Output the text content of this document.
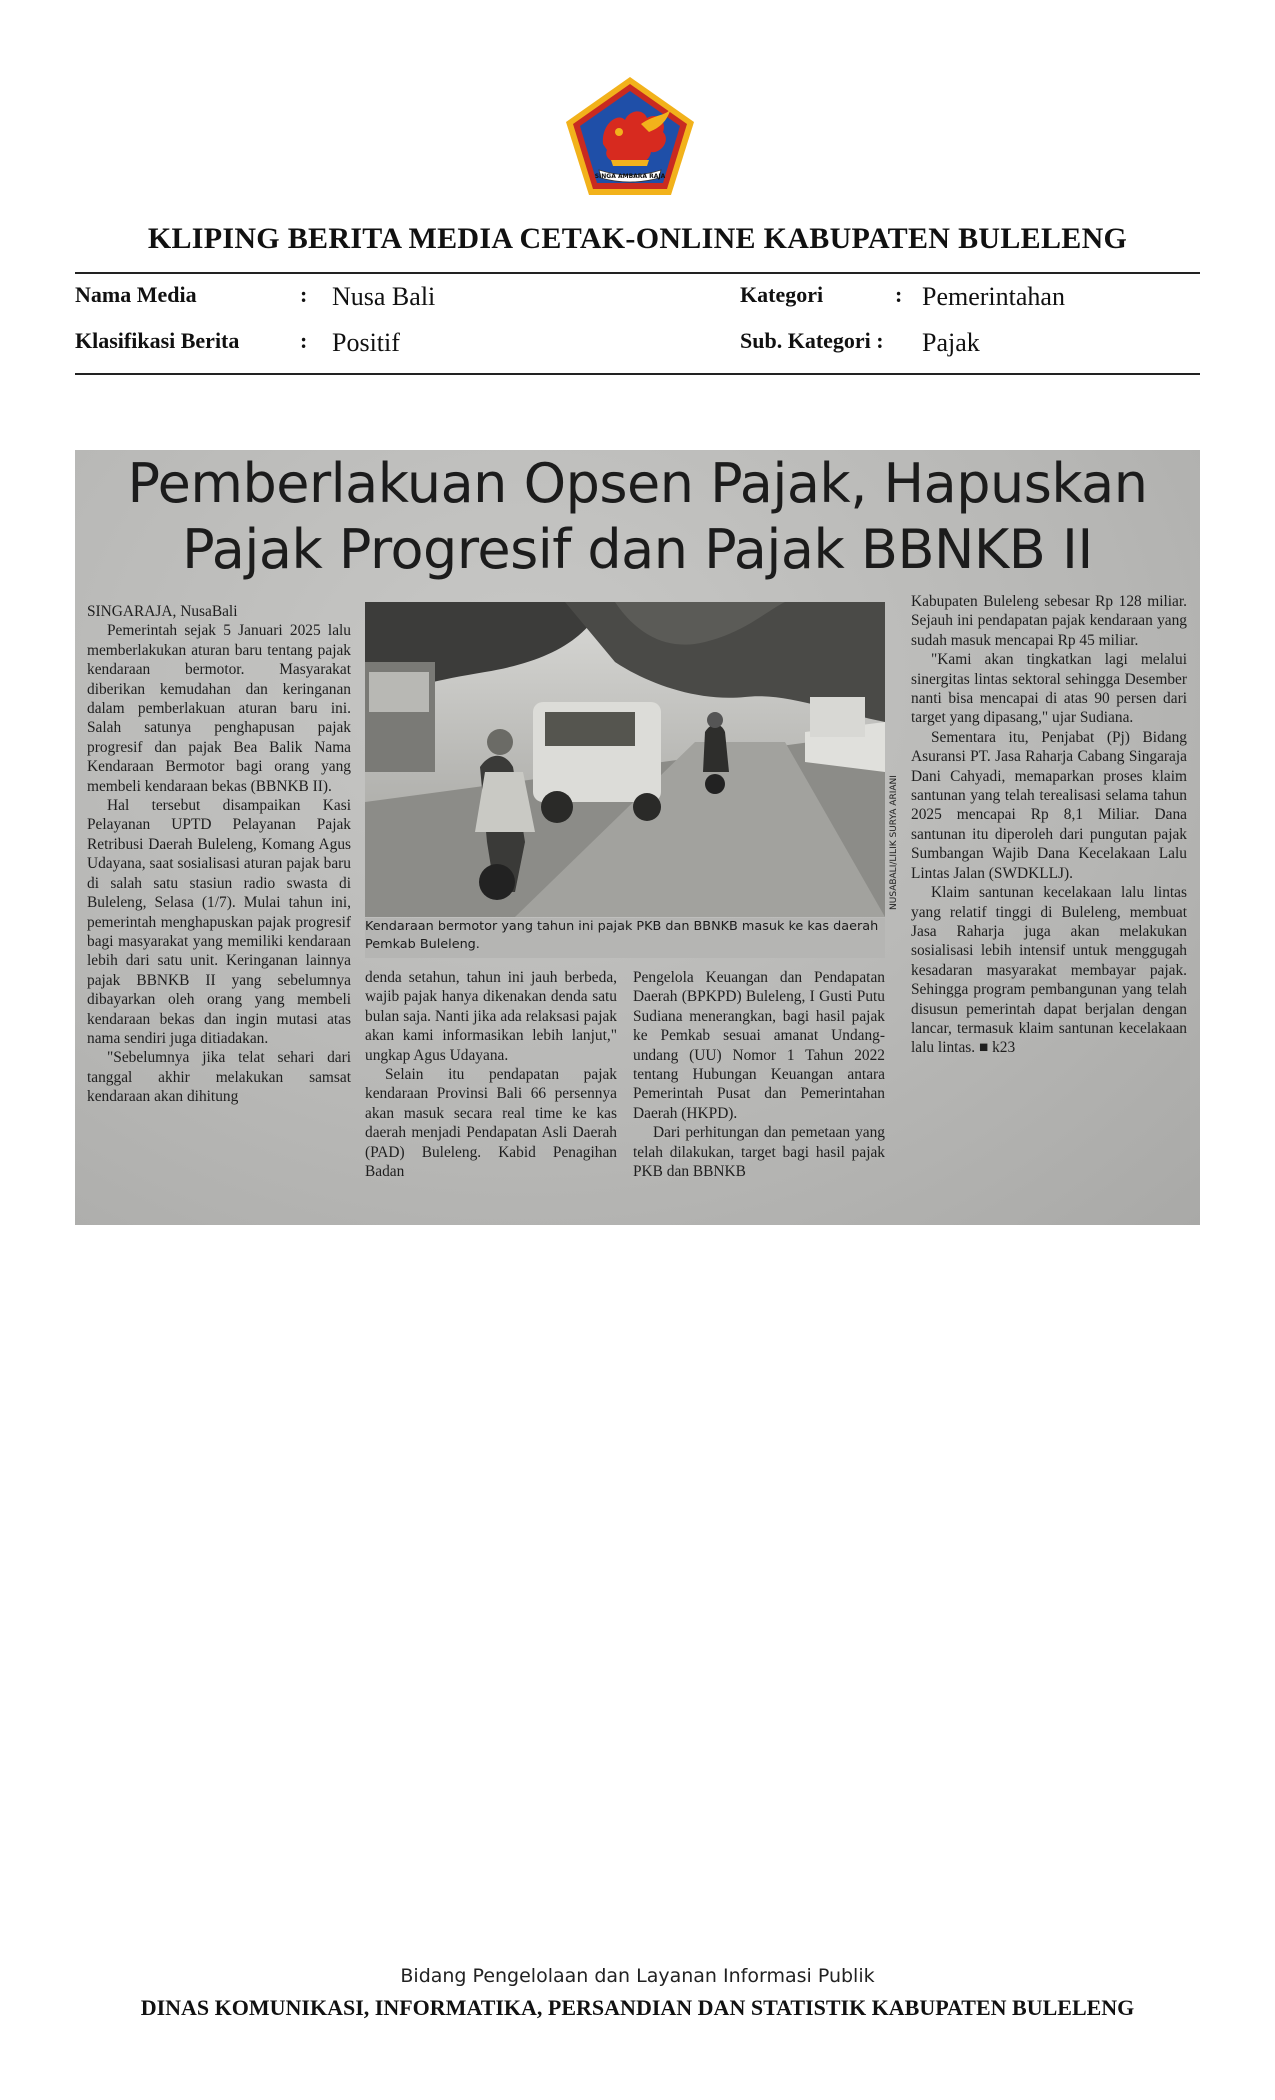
SINGA AMBARA RAJA
KLIPING BERITA MEDIA CETAK-ONLINE KABUPATEN BULELENG
Nama Media	: Nusa Bali
Klasifikasi Berita	: Positif
Kategori	: Pemerintahan
Sub. Kategori : Pajak
Pemberlakuan Opsen Pajak, Hapuskan
Pajak Progresif dan Pajak BBNKB II

SINGARAJA, NusaBali

Pemerintah sejak 5 Januari 2025 lalu memberlakukan aturan baru tentang pajak kendaraan bermotor. Masyarakat diberikan kemudahan dan keringanan dalam pemberlakuan aturan baru ini. Salah satunya penghapusan pajak progresif dan pajak Bea Balik Nama Kendaraan Bermotor bagi orang yang membeli kendaraan bekas (BBNKB II).

Hal tersebut disampaikan Kasi Pelayanan UPTD Pelayanan Pajak Retribusi Daerah Buleleng, Komang Agus Udayana, saat sosialisasi aturan pajak baru di salah satu stasiun radio swasta di Buleleng, Selasa (1/7). Mulai tahun ini, pemerintah menghapuskan pajak progresif bagi masyarakat yang memiliki kendaraan lebih dari satu unit. Keringanan lainnya pajak BBNKB II yang sebelumnya dibayarkan oleh orang yang membeli kendaraan bekas dan ingin mutasi atas nama sendiri juga ditiadakan.

"Sebelumnya jika telat sehari dari tanggal akhir melakukan samsat kendaraan akan dihitung

NUSABALI/LILIK SURYA ARIANI
Kendaraan bermotor yang tahun ini pajak PKB dan BBNKB masuk ke kas daerah Pemkab Buleleng.

denda setahun, tahun ini jauh berbeda, wajib pajak hanya dikenakan denda satu bulan saja. Nanti jika ada relaksasi pajak akan kami informasikan lebih lanjut," ungkap Agus Udayana.

Selain itu pendapatan pajak kendaraan Provinsi Bali 66 persennya akan masuk secara real time ke kas daerah menjadi Pendapatan Asli Daerah (PAD) Buleleng. Kabid Penagihan Badan

Pengelola Keuangan dan Pendapatan Daerah (BPKPD) Buleleng, I Gusti Putu Sudiana menerangkan, bagi hasil pajak ke Pemkab sesuai amanat Undang-undang (UU) Nomor 1 Tahun 2022 tentang Hubungan Keuangan antara Pemerintah Pusat dan Pemerintahan Daerah (HKPD).

Dari perhitungan dan pemetaan yang telah dilakukan, target bagi hasil pajak PKB dan BBNKB

Kabupaten Buleleng sebesar Rp 128 miliar. Sejauh ini pendapatan pajak kendaraan yang sudah masuk mencapai Rp 45 miliar.

"Kami akan tingkatkan lagi melalui sinergitas lintas sektoral sehingga Desember nanti bisa mencapai di atas 90 persen dari target yang dipasang," ujar Sudiana.

Sementara itu, Penjabat (Pj) Bidang Asuransi PT. Jasa Raharja Cabang Singaraja Dani Cahyadi, memaparkan proses klaim santunan yang telah terealisasi selama tahun 2025 mencapai Rp 8,1 Miliar. Dana santunan itu diperoleh dari pungutan pajak Sumbangan Wajib Dana Kecelakaan Lalu Lintas Jalan (SWDKLLJ).

Klaim santunan kecelakaan lalu lintas yang relatif tinggi di Buleleng, membuat Jasa Raharja juga akan melakukan sosialisasi lebih intensif untuk menggugah kesadaran masyarakat membayar pajak. Sehingga program pembangunan yang telah disusun pemerintah dapat berjalan dengan lancar, termasuk klaim santunan kecelakaan lalu lintas. ■ k23

Bidang Pengelolaan dan Layanan Informasi Publik
DINAS KOMUNIKASI, INFORMATIKA, PERSANDIAN DAN STATISTIK KABUPATEN BULELENG
